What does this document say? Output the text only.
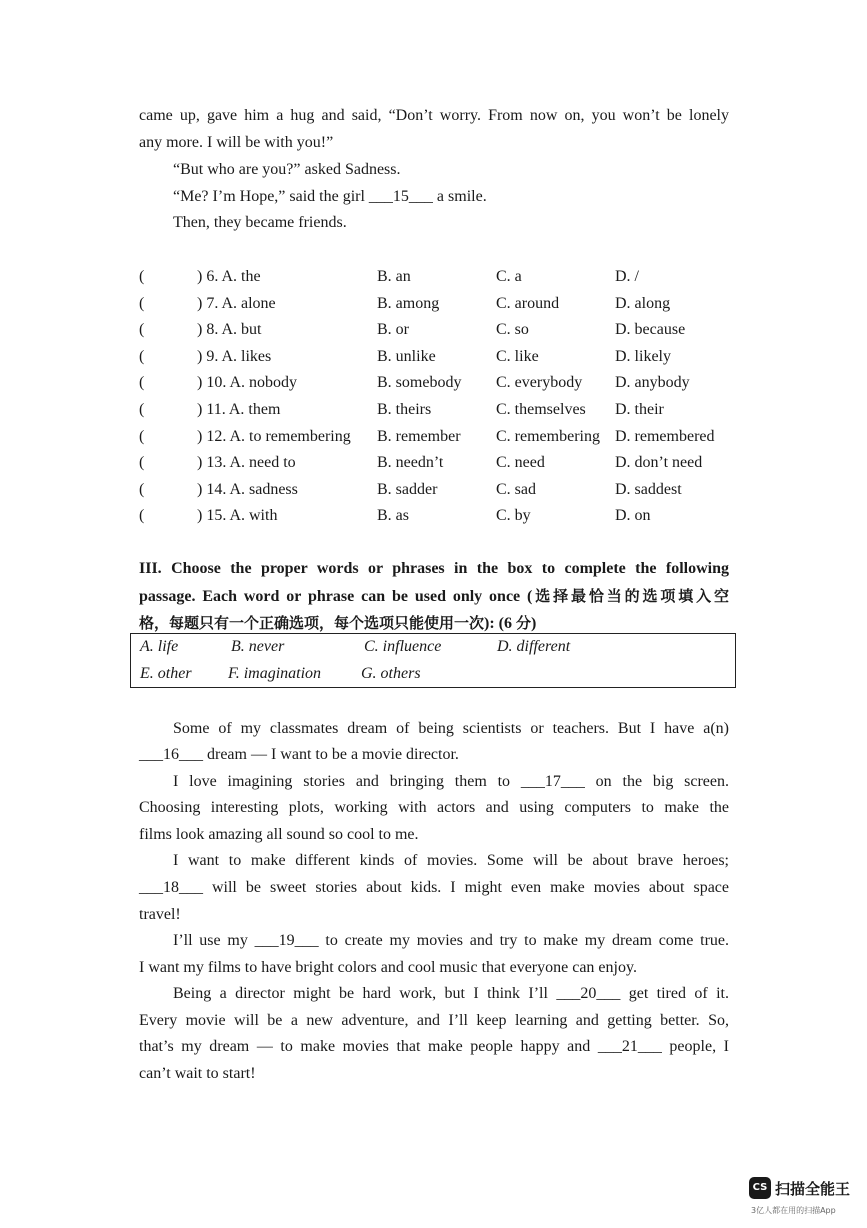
came up, gave him a hug and said, “Don’t worry. From now on, you won’t be lonely
any more. I will be with you!”
“But who are you?” asked Sadness.
“Me? I’m Hope,” said the girl ___15___ a smile.
Then, they became friends.
(	) 6. A. the	B. an	C. a	D. /
(	) 7. A. alone	B. among	C. around	D. along
(	) 8. A. but	B. or	C. so	D. because
(	) 9. A. likes	B. unlike	C. like	D. likely
(	) 10. A. nobody	B. somebody C. everybody D. anybody
(	) 11. A. them	B. theirs	C. themselves D. their
(	) 12. A. to remembering B. remember C. remembering D. remembered
(	) 13. A. need to	B. needn’t	C. need	D. don’t need
(	) 14. A. sadness	B. sadder	C. sad	D. saddest
(	) 15. A. with	B. as	C. by	D. on
III. Choose the proper words or phrases in the box to complete the following
passage. Each word or phrase can be used only once (选择最恰当的选项填入空
格，每题只有一个正确选项，每个选项只能使用一次): (6 分)
A. life	B. never	C. influence	D. different
E. other F. imagination G. others
Some of my classmates dream of being scientists or teachers. But I have a(n)
___16___ dream — I want to be a movie director.
I love imagining stories and bringing them to ___17___ on the big screen.
Choosing interesting plots, working with actors and using computers to make the
films look amazing all sound so cool to me.
I want to make different kinds of movies. Some will be about brave heroes;
___18___ will be sweet stories about kids. I might even make movies about space
travel!
I’ll use my ___19___ to create my movies and try to make my dream come true.
I want my films to have bright colors and cool music that everyone can enjoy.
Being a director might be hard work, but I think I’ll ___20___ get tired of it.
Every movie will be a new adventure, and I’ll keep learning and getting better. So,
that’s my dream — to make movies that make people happy and ___21___ people, I
can’t wait to start!
CS 扫描全能王
3亿人都在用的扫描App
